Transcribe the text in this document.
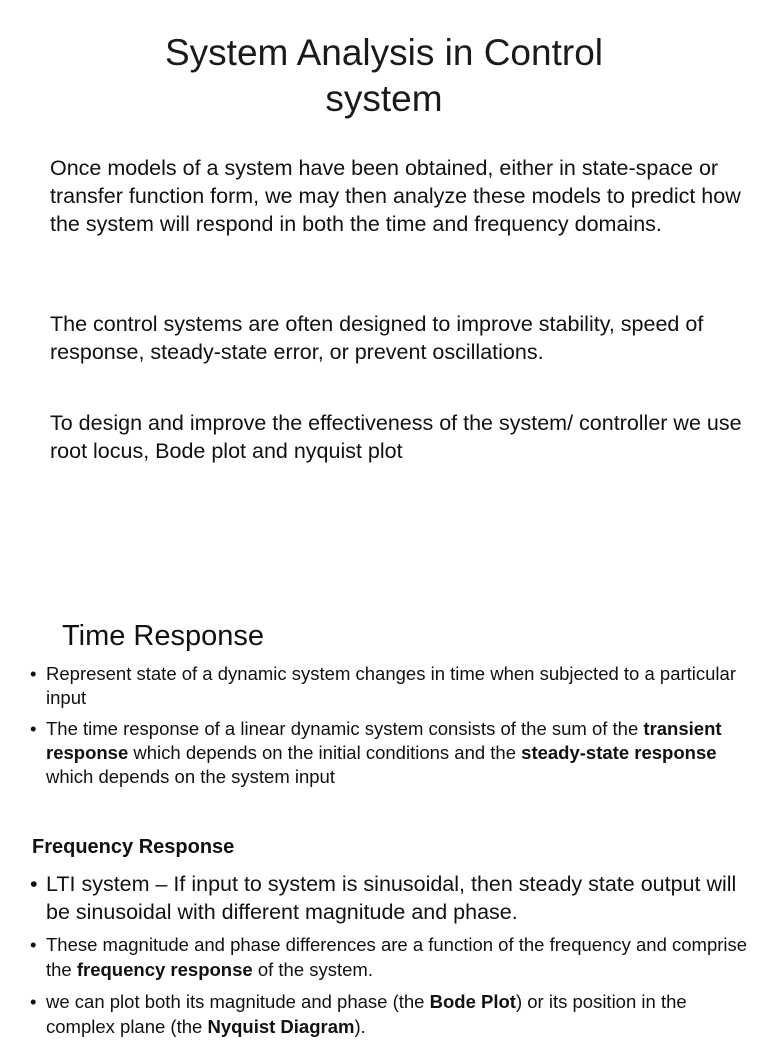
System Analysis in Control
system

Once models of a system have been obtained, either in state-space or transfer function form, we may then analyze these models to predict how the system will respond in both the time and frequency domains.

The control systems are often designed to improve stability, speed of response, steady-state error, or prevent oscillations.

To design and improve the effectiveness of the system/ controller we use root locus, Bode plot and nyquist plot

Time Response
• Represent state of a dynamic system changes in time when subjected to a particular input
• The time response of a linear dynamic system consists of the sum of the transient response which depends on the initial conditions and the steady-state response which depends on the system input
Frequency Response
• LTI system – If input to system is sinusoidal, then steady state output will be sinusoidal with different magnitude and phase.
• These magnitude and phase differences are a function of the frequency and comprise the frequency response of the system.
• we can plot both its magnitude and phase (the Bode Plot) or its position in the complex plane (the Nyquist Diagram).
